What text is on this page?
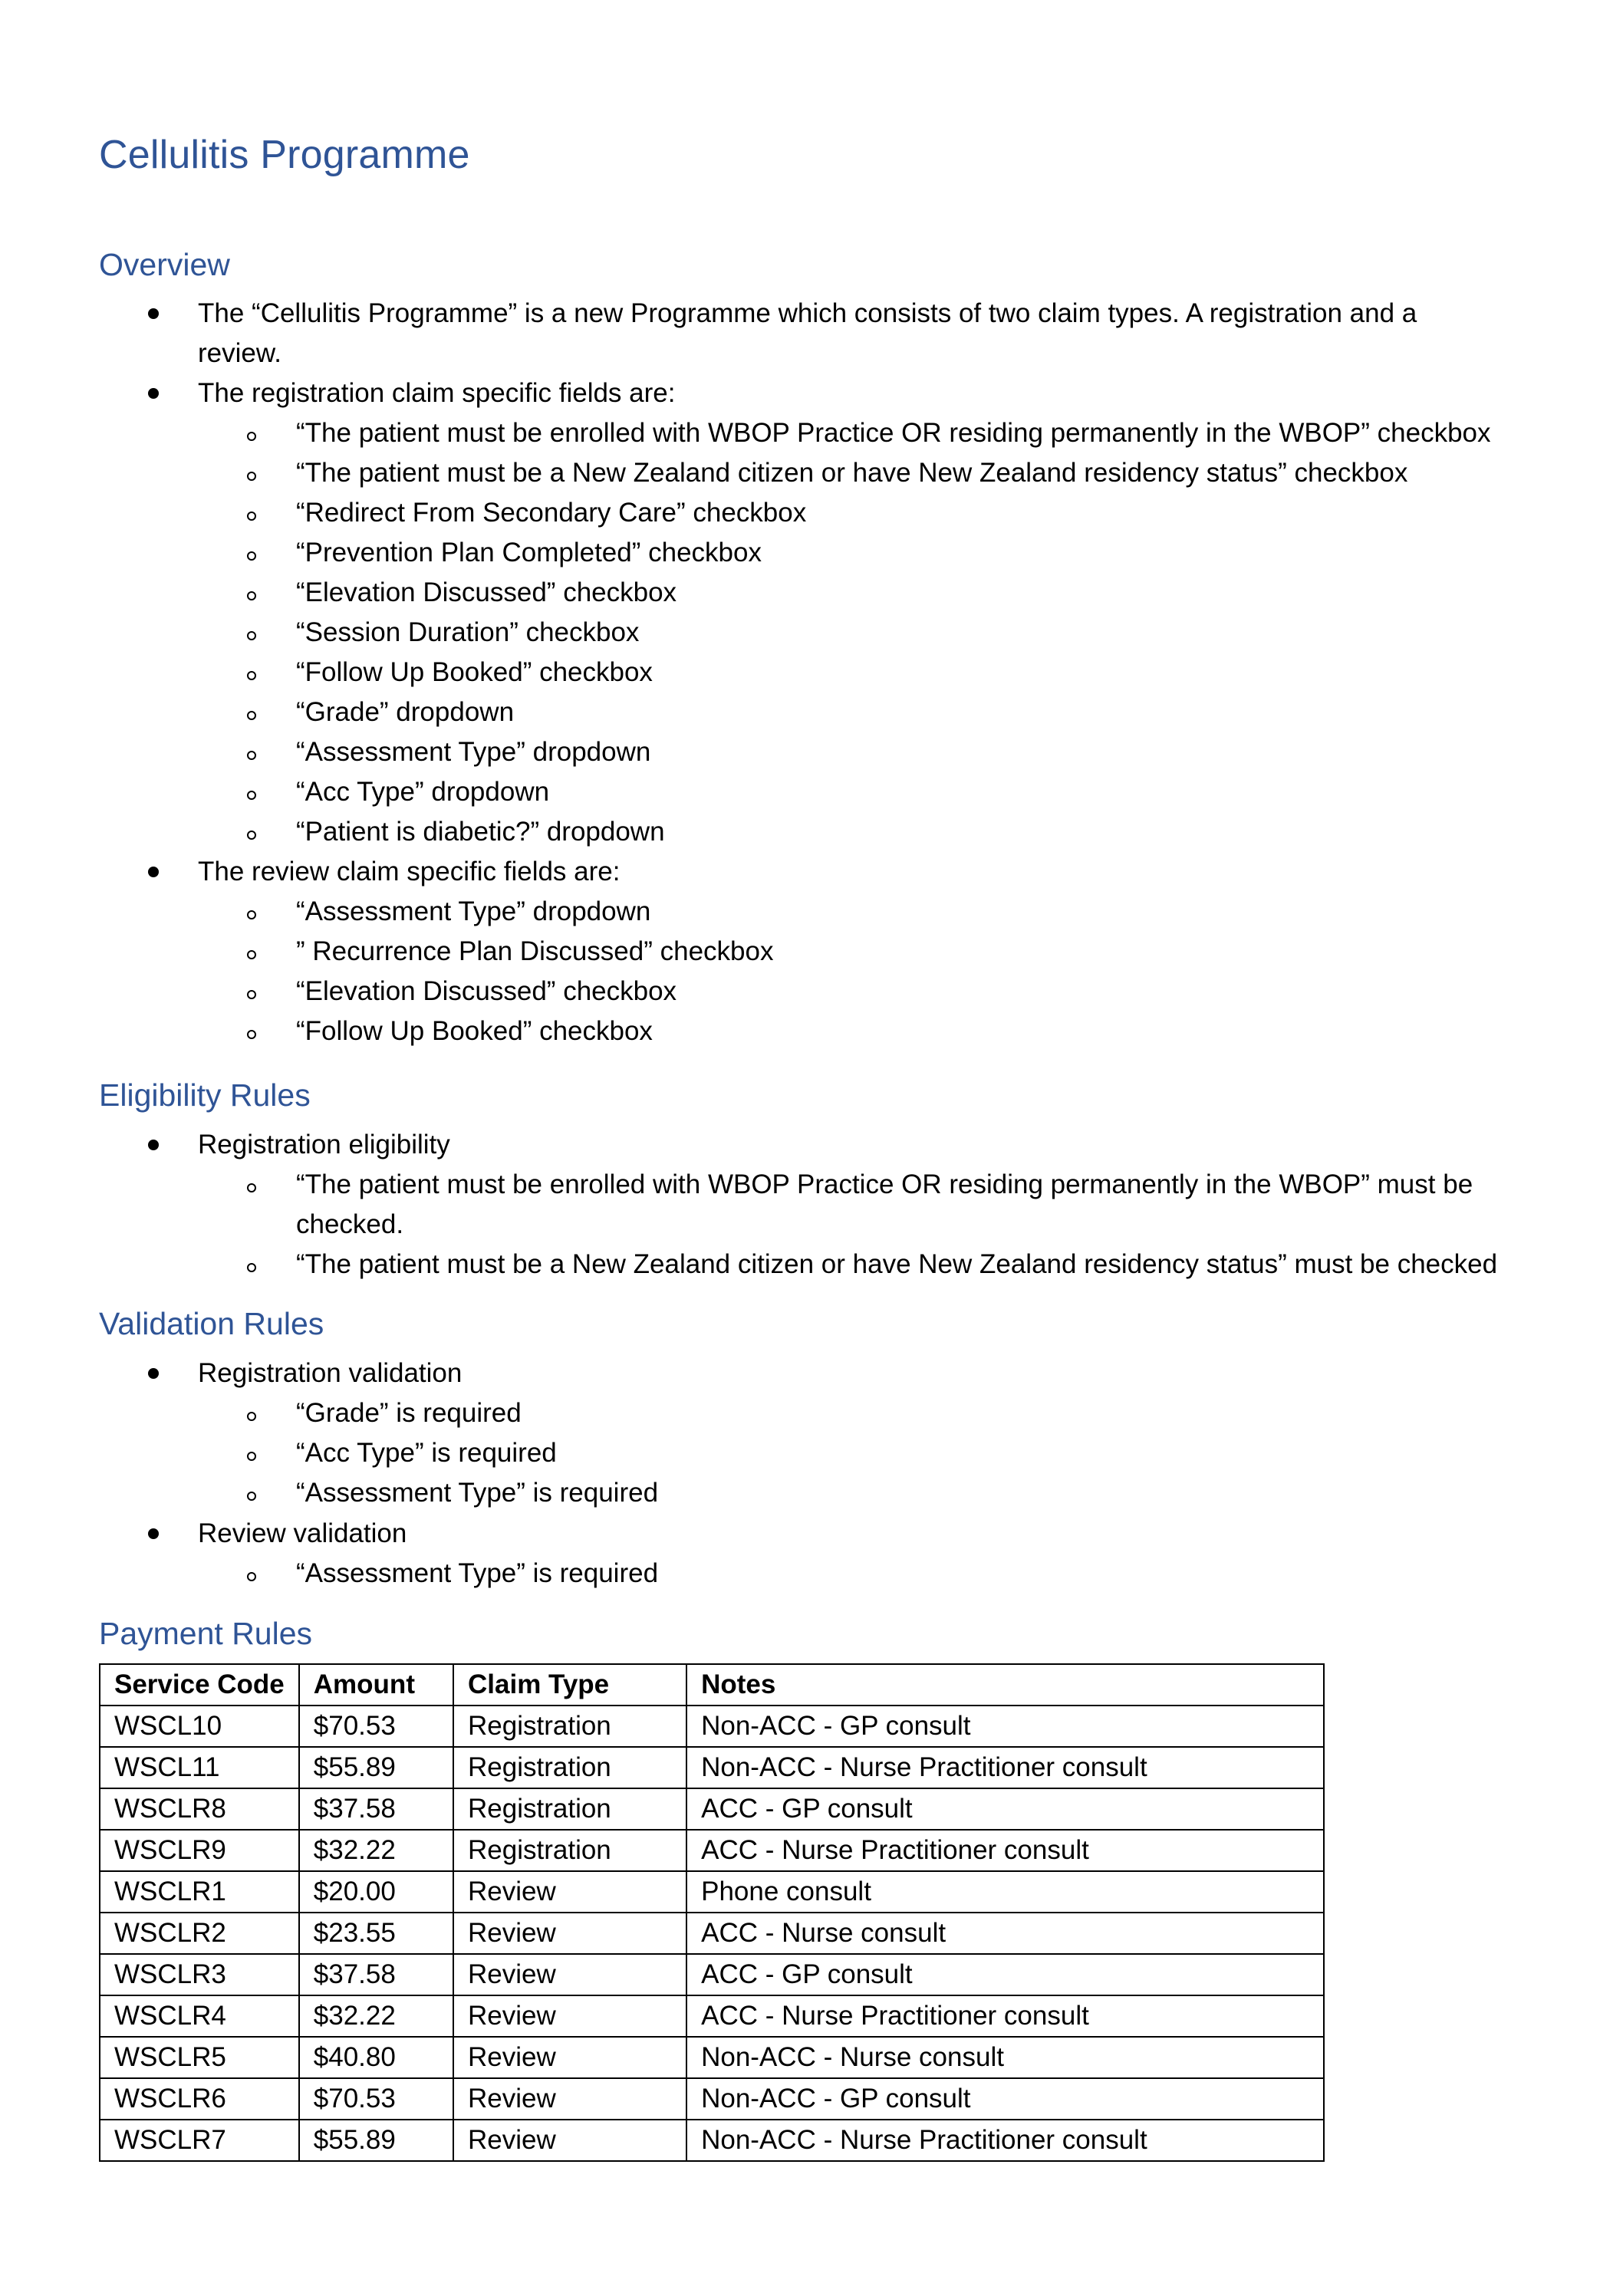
Cellulitis Programme
Overview
The “Cellulitis Programme” is a new Programme which consists of two claim types. A registration and a
review.
The registration claim specific fields are:
“The patient must be enrolled with WBOP Practice OR residing permanently in the WBOP” checkbox
“The patient must be a New Zealand citizen or have New Zealand residency status” checkbox
“Redirect From Secondary Care” checkbox
“Prevention Plan Completed” checkbox
“Elevation Discussed” checkbox
“Session Duration” checkbox
“Follow Up Booked” checkbox
“Grade” dropdown
“Assessment Type” dropdown
“Acc Type” dropdown
“Patient is diabetic?” dropdown
The review claim specific fields are:
“Assessment Type” dropdown
” Recurrence Plan Discussed” checkbox
“Elevation Discussed” checkbox
“Follow Up Booked” checkbox
Eligibility Rules
Registration eligibility
“The patient must be enrolled with WBOP Practice OR residing permanently in the WBOP” must be
checked.
“The patient must be a New Zealand citizen or have New Zealand residency status” must be checked
Validation Rules
Registration validation
“Grade” is required
“Acc Type” is required
“Assessment Type” is required
Review validation
“Assessment Type” is required
Payment Rules
Service Code	Amount	Claim Type	Notes
WSCL10	$70.53	Registration	Non-ACC - GP consult
WSCL11	$55.89	Registration	Non-ACC - Nurse Practitioner consult
WSCLR8	$37.58	Registration	ACC - GP consult
WSCLR9	$32.22	Registration	ACC - Nurse Practitioner consult
WSCLR1	$20.00	Review	Phone consult
WSCLR2	$23.55	Review	ACC - Nurse consult
WSCLR3	$37.58	Review	ACC - GP consult
WSCLR4	$32.22	Review	ACC - Nurse Practitioner consult
WSCLR5	$40.80	Review	Non-ACC - Nurse consult
WSCLR6	$70.53	Review	Non-ACC - GP consult
WSCLR7	$55.89	Review	Non-ACC - Nurse Practitioner consult
